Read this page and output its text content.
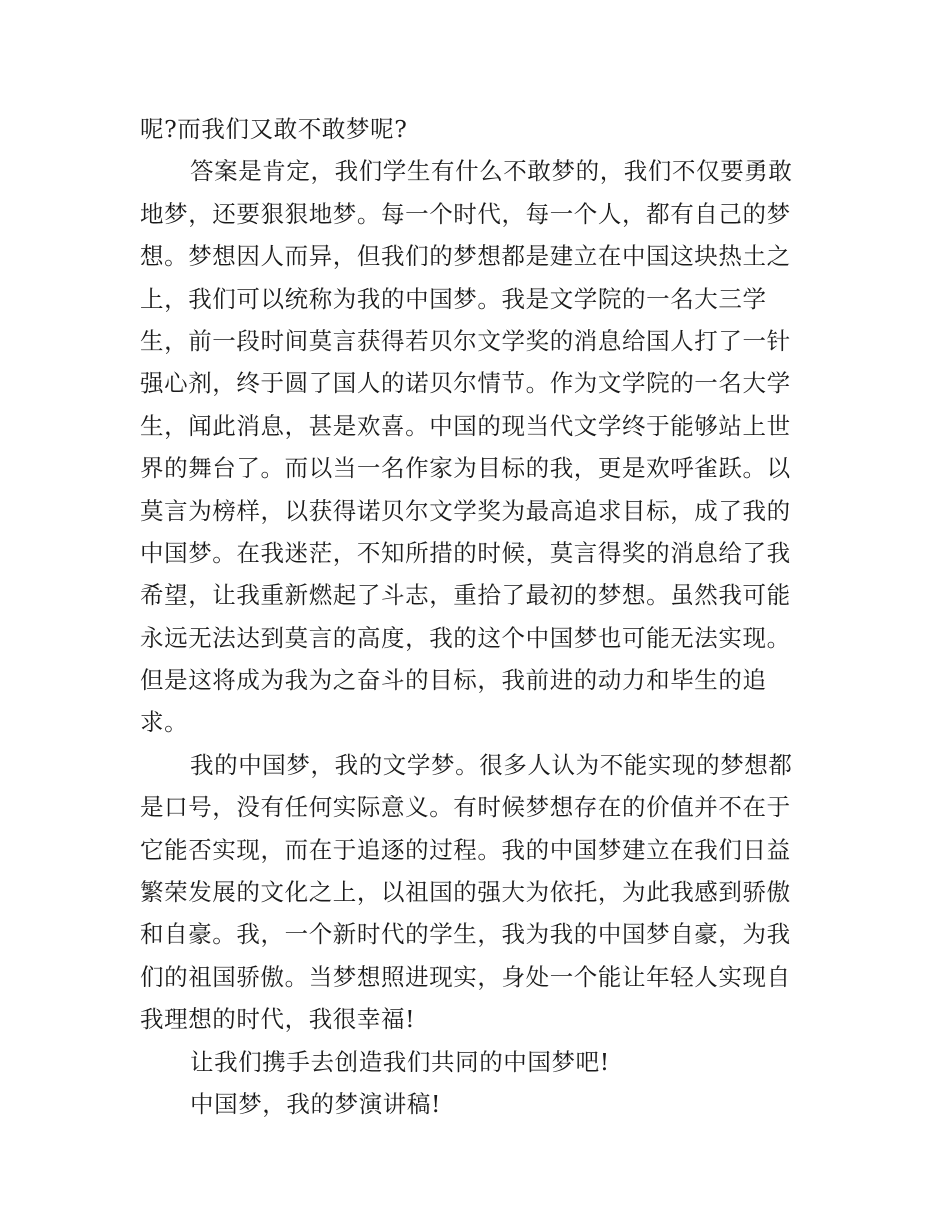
呢?而我们又敢不敢梦呢?
答案是肯定，我们学生有什么不敢梦的，我们不仅要勇敢
地梦，还要狠狠地梦。每一个时代，每一个人，都有自己的梦
想。梦想因人而异，但我们的梦想都是建立在中国这块热土之
上，我们可以统称为我的中国梦。我是文学院的一名大三学
生，前一段时间莫言获得若贝尔文学奖的消息给国人打了一针
强心剂，终于圆了国人的诺贝尔情节。作为文学院的一名大学
生，闻此消息，甚是欢喜。中国的现当代文学终于能够站上世
界的舞台了。而以当一名作家为目标的我，更是欢呼雀跃。以
莫言为榜样，以获得诺贝尔文学奖为最高追求目标，成了我的
中国梦。在我迷茫，不知所措的时候，莫言得奖的消息给了我
希望，让我重新燃起了斗志，重拾了最初的梦想。虽然我可能
永远无法达到莫言的高度，我的这个中国梦也可能无法实现。
但是这将成为我为之奋斗的目标，我前进的动力和毕生的追
求。
我的中国梦，我的文学梦。很多人认为不能实现的梦想都
是口号，没有任何实际意义。有时候梦想存在的价值并不在于
它能否实现，而在于追逐的过程。我的中国梦建立在我们日益
繁荣发展的文化之上，以祖国的强大为依托，为此我感到骄傲
和自豪。我，一个新时代的学生，我为我的中国梦自豪，为我
们的祖国骄傲。当梦想照进现实，身处一个能让年轻人实现自
我理想的时代，我很幸福!
让我们携手去创造我们共同的中国梦吧!
中国梦，我的梦演讲稿!
